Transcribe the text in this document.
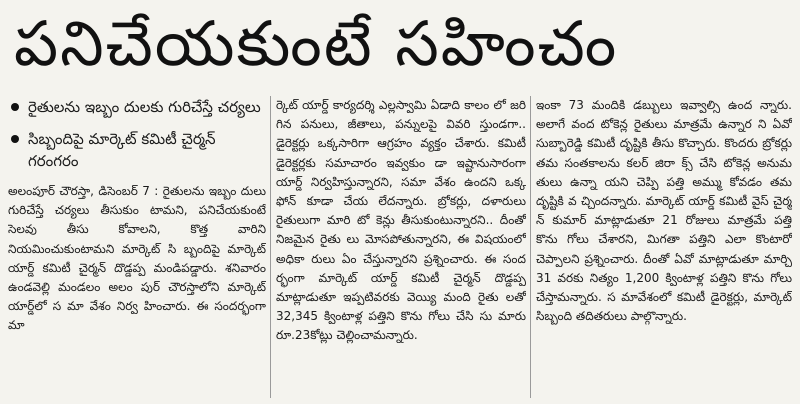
పనిచేయకుంటే సహించం
రైతులను ఇబ్బం దులకు గురిచేస్తే చర్యలు
సిబ్బందిపై మార్కెట్ కమిటీ చైర్మన్ గరంగరం

అలంపూర్ చౌరస్తా, డిసెంబర్ 7 : రైతులను ఇబ్బం దులు గురిచేస్తే చర్యలు తీసుకుం టామని, పనిచేయకుంటే సెలవు తీసు కోవాలని, కొత్త వారిని నియమించుకుంటామని మార్కెట్ సి బ్బందిపై మార్కెట్ యార్డ్ కమిటీ చైర్మన్ దొడ్డప్ప మండిపడ్డారు. శనివారం ఉండవెల్లి మండలం అలం పుర్ చౌరస్తాలోని మార్కెట్ యార్డ్‌లో స మా వేశం నిర్వ హించారు. ఈ సందర్భంగా మా

ర్కెట్ యార్డ్ కార్యదర్శి ఎల్లస్వామి ఏడాది కాలం లో జరి గిన పనులు, జీతాలు, పన్నులపై వివరి స్తుండగా.. డైరెక్టర్లు ఒక్కసారిగా ఆగ్రహం వ్యక్తం చేశారు. కమిటీ డైరెక్టర్లకు సమాచారం ఇవ్వకుం డా ఇష్టానుసారంగా యార్డ్ నిర్వహిస్తున్నారని, సమా వేశం ఉందని ఒక్క ఫోన్ కూడా చేయ లేదన్నారు. బ్రోకర్లు, దళారులు రైతులుగా మారి టో కెన్లు తీసుకుంటున్నారని.. దీంతో నిజమైన రైతు లు మోసపోతున్నారని, ఈ విషయంలో అధికా రులు ఏం చేస్తున్నారని ప్రశ్నించారు. ఈ సంద ర్భంగా మార్కెట్ యార్డ్ కమిటీ చైర్మన్ దొడ్డప్ప మాట్లాడుతూ ఇప్పటివరకు వెయ్యి మంది రైతు లతో 32,345 క్వింటాళ్ల పత్తిని కొను గోలు చేసి సు మారు రూ.23కోట్లు చెల్లించామన్నారు.

ఇంకా 73 మందికి డబ్బులు ఇవ్వాల్సి ఉంద న్నారు. అలాగే వంద టోకెన్ల రైతులు మాత్రమే ఉన్నార ని ఏవో సుబ్బారెడ్డి కమిటీ దృష్టికి తీసు కొచ్చారు. కొందరు బ్రోకర్లు తమ సంతకాలను కలర్ జిరా క్స్ చేసి టోకెన్ల అనుమ తులు ఉన్నా యని చెప్పి పత్తి అమ్ము కోవడం తమ దృష్టికి వ చ్చిందన్నారు. మార్కెట్ యార్డ్ కమిటీ వైస్ చైర్మ న్ కుమార్ మాట్లాడుతూ 21 రోజులు మాత్రమే పత్తి కొను గోలు చేశారని, మిగతా పత్తిని ఎలా కొంటారో చెప్పాలని ప్రశ్నించారు. దీంతో ఏవో మాట్లాడుతూ మార్చి 31 వరకు నిత్యం 1,200 క్వింటాళ్ల పత్తిని కొను గోలు చేస్తామన్నారు. స మావేశంలో కమిటీ డైరెక్టర్లు, మార్కెట్ సిబ్బంది తదితరులు పాల్గొన్నారు.
